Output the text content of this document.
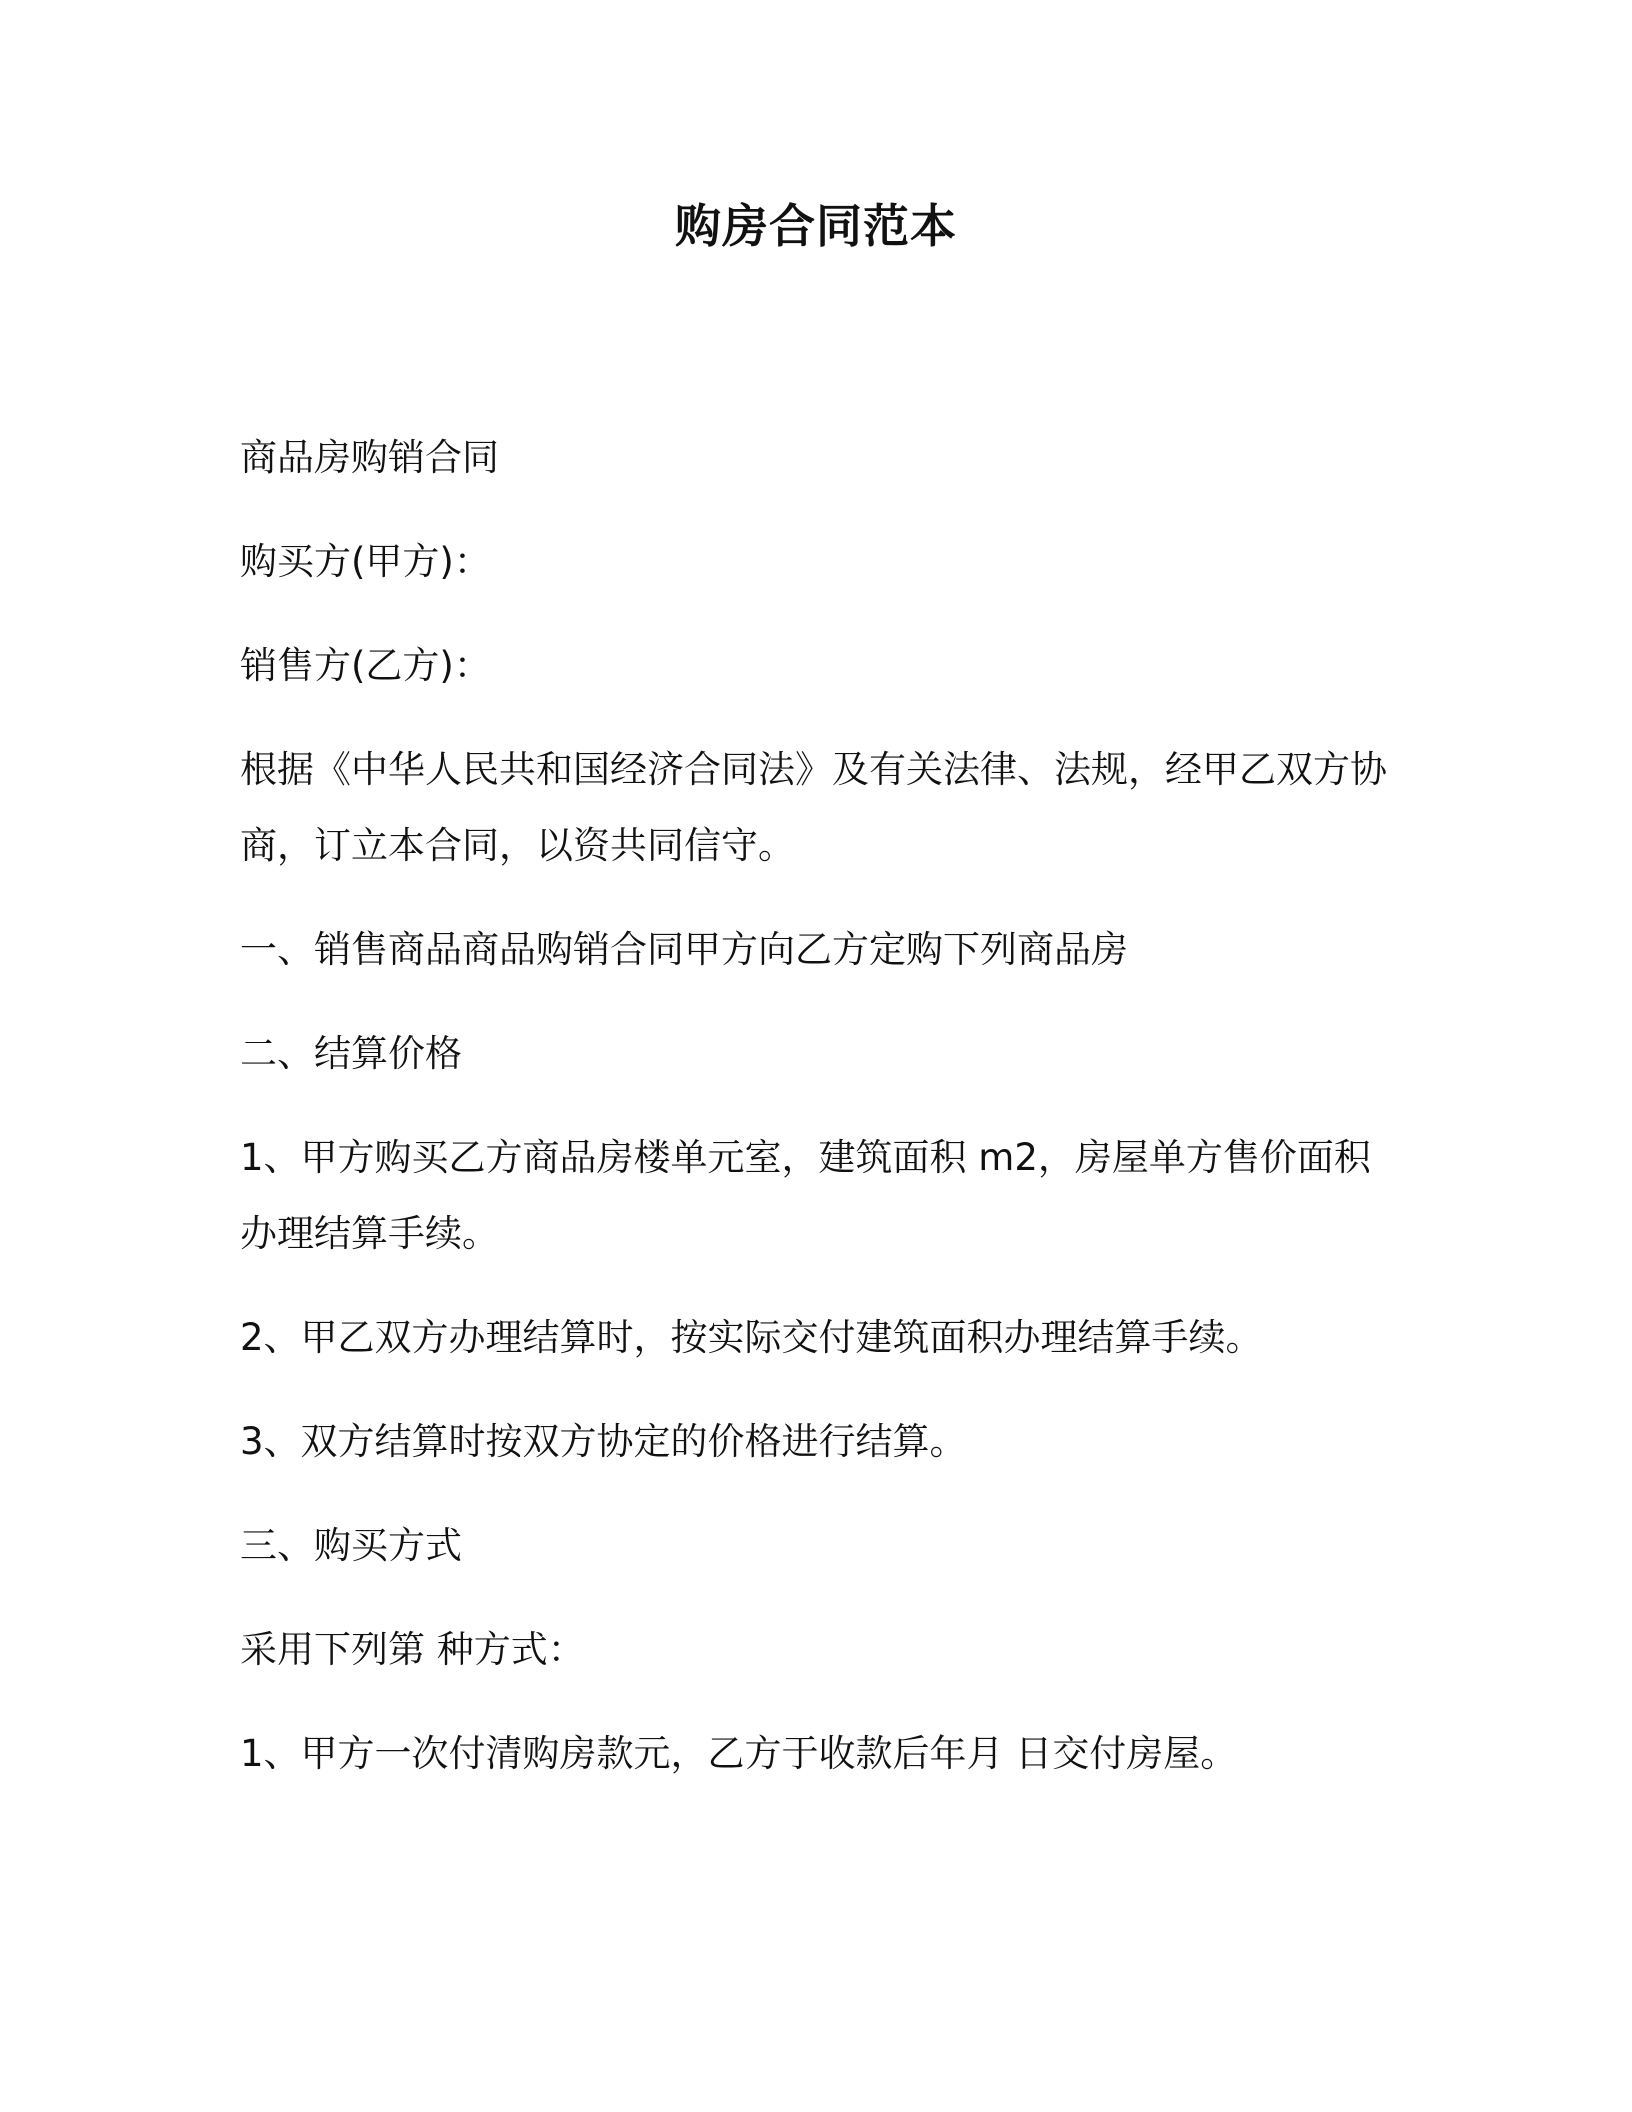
购房合同范本

商品房购销合同

购买方(甲方)：

销售方(乙方)：

根据《中华人民共和国经济合同法》及有关法律、法规，经甲乙双方协商，订立本合同，以资共同信守。

一、销售商品商品购销合同甲方向乙方定购下列商品房

二、结算价格

1、甲方购买乙方商品房楼单元室，建筑面积 m2，房屋单方售价面积办理结算手续。

2、甲乙双方办理结算时，按实际交付建筑面积办理结算手续。

3、双方结算时按双方协定的价格进行结算。

三、购买方式

采用下列第 种方式：

1、甲方一次付清购房款元，乙方于收款后年月 日交付房屋。
